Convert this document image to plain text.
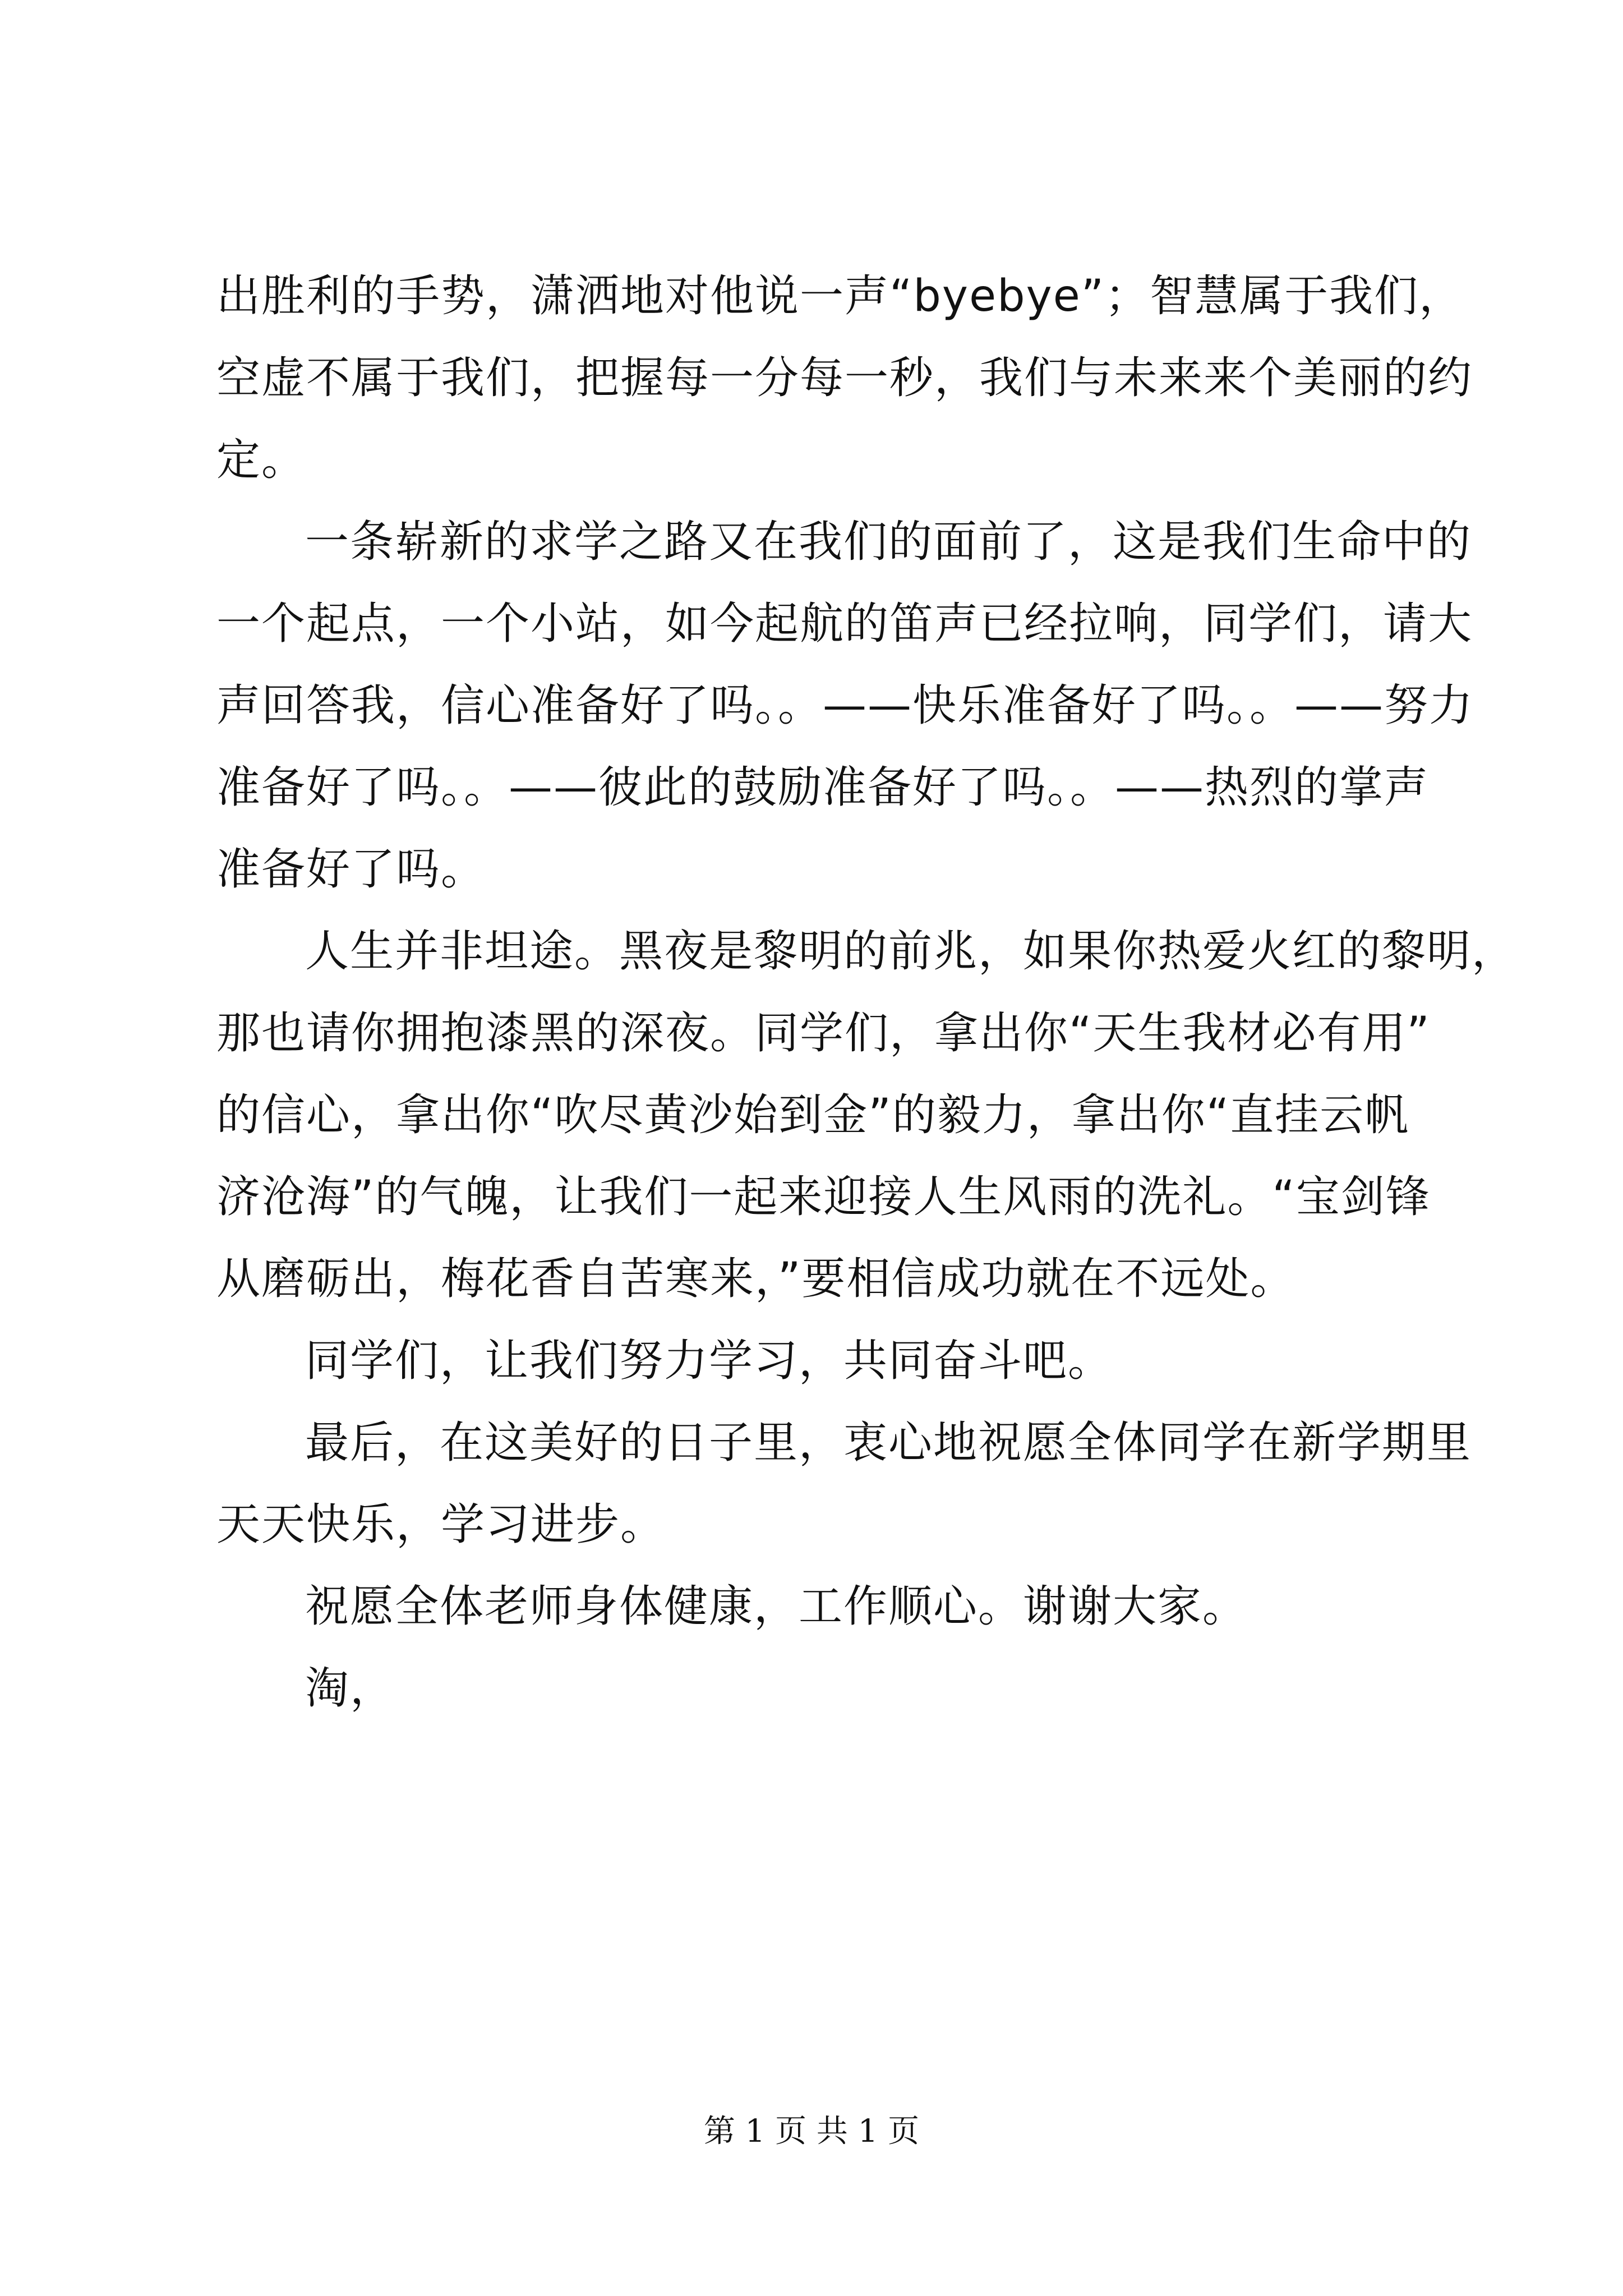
出胜利的手势，潇洒地对他说一声“byebye”；智慧属于我们，
空虚不属于我们，把握每一分每一秒，我们与未来来个美丽的约
定。
一条崭新的求学之路又在我们的面前了，这是我们生命中的
一个起点，一个小站，如今起航的笛声已经拉响，同学们，请大
声回答我，信心准备好了吗。。——快乐准备好了吗。。——努力
准备好了吗。。——彼此的鼓励准备好了吗。。——热烈的掌声
准备好了吗。
人生并非坦途。黑夜是黎明的前兆，如果你热爱火红的黎明，
那也请你拥抱漆黑的深夜。同学们，拿出你“天生我材必有用”
的信心，拿出你“吹尽黄沙始到金”的毅力，拿出你“直挂云帆
济沧海”的气魄，让我们一起来迎接人生风雨的洗礼。“宝剑锋
从磨砺出，梅花香自苦寒来，”要相信成功就在不远处。
同学们，让我们努力学习，共同奋斗吧。
最后，在这美好的日子里，衷心地祝愿全体同学在新学期里
天天快乐，学习进步。
祝愿全体老师身体健康，工作顺心。谢谢大家。
淘，
第 1 页 共 1 页
